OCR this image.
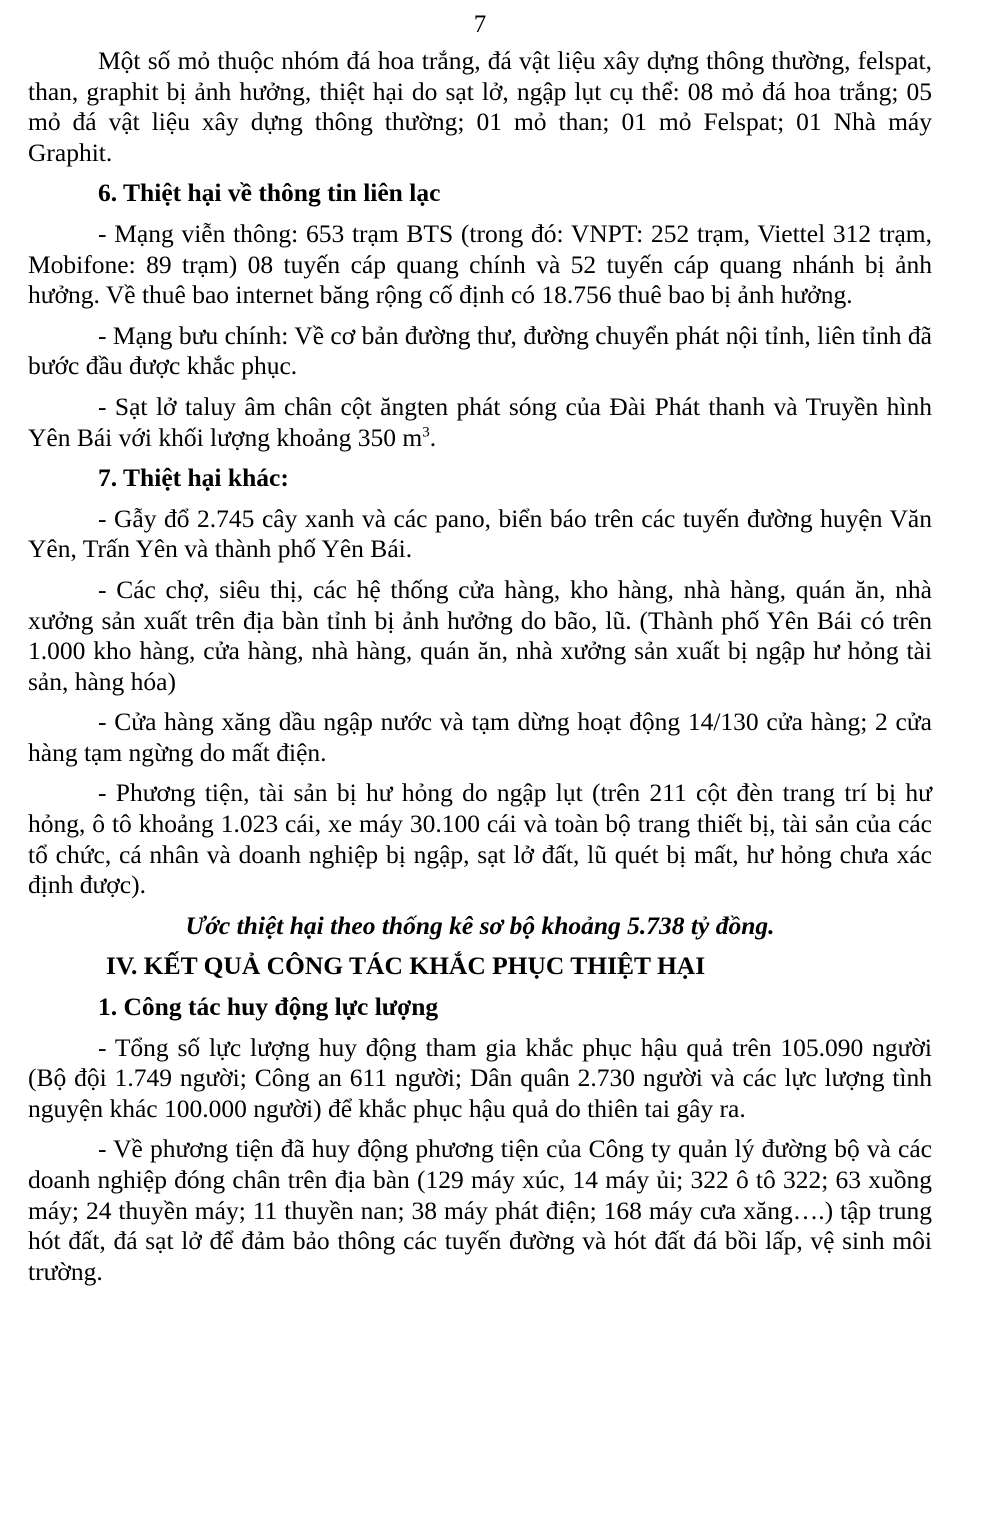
7

Một số mỏ thuộc nhóm đá hoa trắng, đá vật liệu xây dựng thông thường, felspat, than, graphit bị ảnh hưởng, thiệt hại do sạt lở, ngập lụt cụ thể: 08 mỏ đá hoa trắng; 05 mỏ đá vật liệu xây dựng thông thường; 01 mỏ than; 01 mỏ Felspat; 01 Nhà máy Graphit.

6. Thiệt hại về thông tin liên lạc

- Mạng viễn thông: 653 trạm BTS (trong đó: VNPT: 252 trạm, Viettel 312 trạm, Mobifone: 89 trạm) 08 tuyến cáp quang chính và 52 tuyến cáp quang nhánh bị ảnh hưởng. Về thuê bao internet băng rộng cố định có 18.756 thuê bao bị ảnh hưởng.

- Mạng bưu chính: Về cơ bản đường thư, đường chuyển phát nội tỉnh, liên tỉnh đã bước đầu được khắc phục.

- Sạt lở taluy âm chân cột ăngten phát sóng của Đài Phát thanh và Truyền hình Yên Bái với khối lượng khoảng 350 $m^3$.

7. Thiệt hại khác:

- Gẫy đổ 2.745 cây xanh và các pano, biển báo trên các tuyến đường huyện Văn Yên, Trấn Yên và thành phố Yên Bái.

- Các chợ, siêu thị, các hệ thống cửa hàng, kho hàng, nhà hàng, quán ăn, nhà xưởng sản xuất trên địa bàn tỉnh bị ảnh hưởng do bão, lũ. (Thành phố Yên Bái có trên 1.000 kho hàng, cửa hàng, nhà hàng, quán ăn, nhà xưởng sản xuất bị ngập hư hỏng tài sản, hàng hóa)

- Cửa hàng xăng dầu ngập nước và tạm dừng hoạt động 14/130 cửa hàng; 2 cửa hàng tạm ngừng do mất điện.

- Phương tiện, tài sản bị hư hỏng do ngập lụt (trên 211 cột đèn trang trí bị hư hỏng, ô tô khoảng 1.023 cái, xe máy 30.100 cái và toàn bộ trang thiết bị, tài sản của các tổ chức, cá nhân và doanh nghiệp bị ngập, sạt lở đất, lũ quét bị mất, hư hỏng chưa xác định được).

Ước thiệt hại theo thống kê sơ bộ khoảng 5.738 tỷ đồng.

IV. KẾT QUẢ CÔNG TÁC KHẮC PHỤC THIỆT HẠI

1. Công tác huy động lực lượng

- Tổng số lực lượng huy động tham gia khắc phục hậu quả trên 105.090 người (Bộ đội 1.749 người; Công an 611 người; Dân quân 2.730 người và các lực lượng tình nguyện khác 100.000 người) để khắc phục hậu quả do thiên tai gây ra.

- Về phương tiện đã huy động phương tiện của Công ty quản lý đường bộ và các doanh nghiệp đóng chân trên địa bàn (129 máy xúc, 14 máy ủi; 322 ô tô 322; 63 xuồng máy; 24 thuyền máy; 11 thuyền nan; 38 máy phát điện; 168 máy cưa xăng….) tập trung hót đất, đá sạt lở để đảm bảo thông các tuyến đường và hót đất đá bồi lấp, vệ sinh môi trường.
